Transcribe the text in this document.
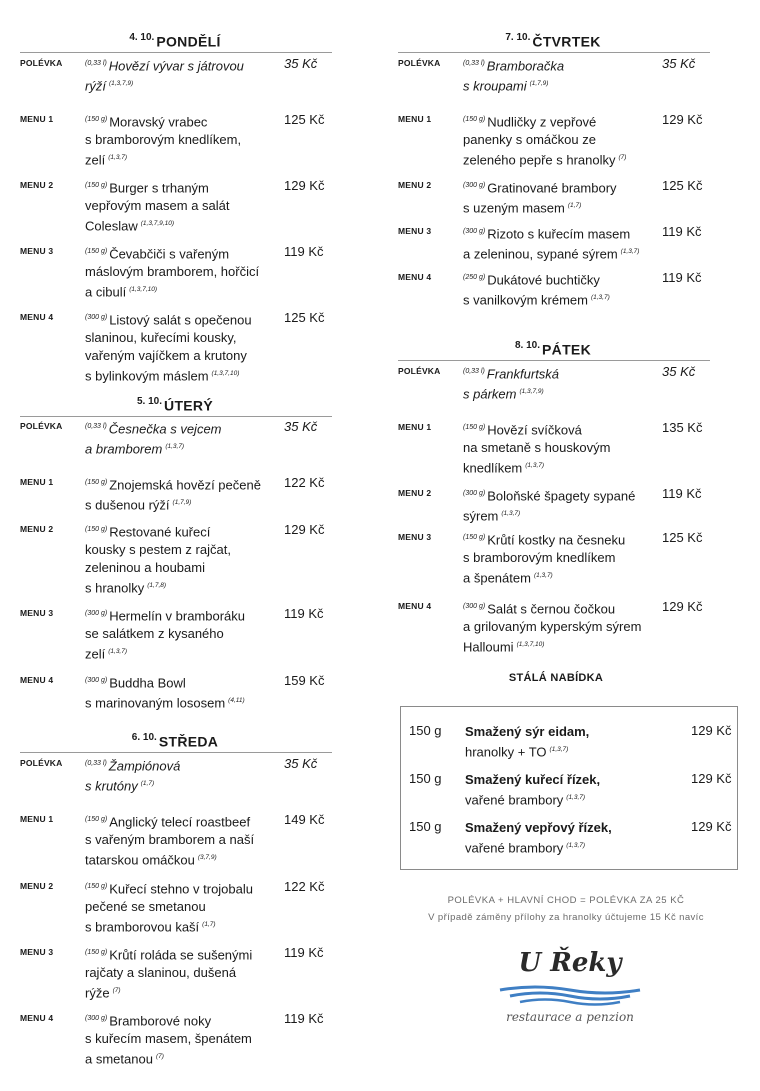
$^{4. 10.}$ PONDĚLÍ
POLÉVKA	$^{(0,33 l)}$ Hovězí vývar s játrovou
rýží $^{(1,3,7,9)}$
35 Kč
MENU 1	$^{(150 g)}$ Moravský vrabec
s bramborovým knedlíkem,
zelí $^{(1,3,7)}$
125 Kč
MENU 2	$^{(150 g)}$ Burger s trhaným
vepřovým masem a salát
Coleslaw $^{(1,3,7,9,10)}$
129 Kč
MENU 3	$^{(150 g)}$ Čevabčiči s vařeným
máslovým bramborem, hořčicí
a cibulí $^{(1,3,7,10)}$
119 Kč
MENU 4	$^{(300 g)}$ Listový salát s opečenou
slaninou, kuřecími kousky,
vařeným vajíčkem a krutony
s bylinkovým máslem $^{(1,3,7,10)}$
125 Kč
$^{5. 10.}$ ÚTERÝ
POLÉVKA	$^{(0,33 l)}$ Česnečka s vejcem
a bramborem $^{(1,3,7)}$
35 Kč
MENU 1	$^{(150 g)}$ Znojemská hovězí pečeně
s dušenou rýží $^{(1,7,9)}$
122 Kč
MENU 2	$^{(150 g)}$ Restované kuřecí
kousky s pestem z rajčat,
zeleninou a houbami
s hranolky $^{(1,7,8)}$
129 Kč
MENU 3	$^{(300 g)}$ Hermelín v bramboráku
se salátkem z kysaného
zelí $^{(1,3,7)}$
119 Kč
MENU 4	$^{(300 g)}$ Buddha Bowl
s marinovaným lososem $^{(4,11)}$
159 Kč
$^{6. 10.}$ STŘEDA
POLÉVKA	$^{(0,33 l)}$ Žampiónová
s krutóny $^{(1,7)}$
35 Kč
MENU 1	$^{(150 g)}$ Anglický telecí roastbeef
s vařeným bramborem a naší
tatarskou omáčkou $^{(3,7,9)}$
149 Kč
MENU 2	$^{(150 g)}$ Kuřecí stehno v trojobalu
pečené se smetanou
s bramborovou kaší $^{(1,7)}$
122 Kč
MENU 3	$^{(150 g)}$ Krůtí roláda se sušenými
rajčaty a slaninou, dušená
rýže $^{(7)}$
119 Kč
MENU 4	$^{(300 g)}$ Bramborové noky
s kuřecím masem, špenátem
a smetanou $^{(7)}$
119 Kč
$^{7. 10.}$ ČTVRTEK
POLÉVKA	$^{(0,33 l)}$ Bramboračka
s kroupami $^{(1,7,9)}$
35 Kč
MENU 1	$^{(150 g)}$ Nudličky z vepřové
panenky s omáčkou ze
zeleného pepře s hranolky $^{(7)}$
129 Kč
MENU 2	$^{(300 g)}$ Gratinované brambory
s uzeným masem $^{(1,7)}$
125 Kč
MENU 3	$^{(300 g)}$ Rizoto s kuřecím masem
a zeleninou, sypané sýrem $^{(1,3,7)}$
119 Kč
MENU 4	$^{(250 g)}$ Dukátové buchtičky
s vanilkovým krémem $^{(1,3,7)}$
119 Kč
$^{8. 10.}$ PÁTEK
POLÉVKA	$^{(0,33 l)}$ Frankfurtská
s párkem $^{(1,3,7,9)}$
35 Kč
MENU 1	$^{(150 g)}$ Hovězí svíčková
na smetaně s houskovým
knedlíkem $^{(1,3,7)}$
135 Kč
MENU 2	$^{(300 g)}$ Boloňské špagety sypané
sýrem $^{(1,3,7)}$
119 Kč
MENU 3	$^{(150 g)}$ Krůtí kostky na česneku
s bramborovým knedlíkem
a špenátem $^{(1,3,7)}$
125 Kč
MENU 4	$^{(300 g)}$ Salát s černou čočkou
a grilovaným kyperským sýrem
Halloumi $^{(1,3,7,10)}$
129 Kč
STÁLÁ NABÍDKA
150 g Smažený sýr eidam,
hranolky + TO $^{(1,3,7)}$
129 Kč
150 g Smažený kuřecí řízek,
vařené brambory $^{(1,3,7)}$
129 Kč
150 g Smažený vepřový řízek,
vařené brambory $^{(1,3,7)}$
129 Kč
POLÉVKA + HLAVNÍ CHOD = POLÉVKA ZA 25 KČ
V případě záměny přílohy za hranolky účtujeme 15 Kč navíc
U Řeky
restaurace a penzion
